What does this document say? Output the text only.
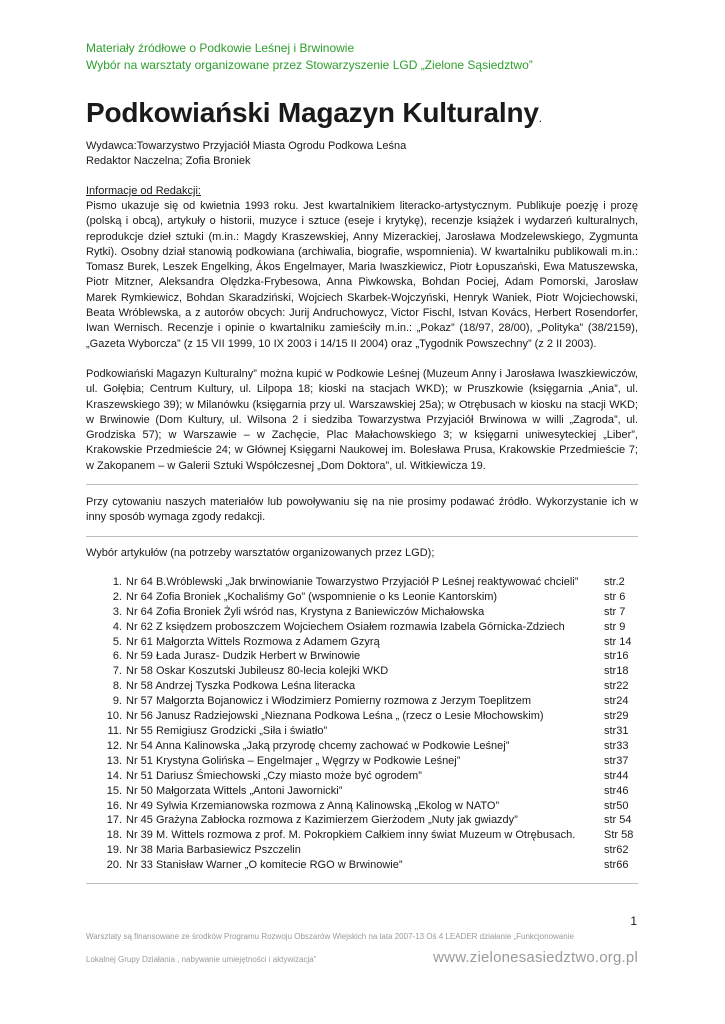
Materiały źródłowe o Podkowie Leśnej i Brwinowie
Wybór na warsztaty organizowane przez Stowarzyszenie LGD „Zielone Sąsiedztwo”
Podkowiański Magazyn Kulturalny.
Wydawca:Towarzystwo Przyjaciół Miasta Ogrodu Podkowa Leśna
Redaktor Naczelna; Zofia Broniek
Informacje od Redakcji:
Pismo ukazuje się od kwietnia 1993 roku. Jest kwartalnikiem literacko-artystycznym. Publikuje poezję i prozę (polską i obcą), artykuły o historii, muzyce i sztuce (eseje i krytykę), recenzje książek i wydarzeń kulturalnych, reprodukcje dzieł sztuki (m.in.: Magdy Kraszewskiej, Anny Mizerackiej, Jarosława Modzelewskiego, Zygmunta Rytki). Osobny dział stanowią podkowiana (archiwalia, biografie, wspomnienia). W kwartalniku publikowali m.in.: Tomasz Burek, Leszek Engelking, Ákos Engelmayer, Maria Iwaszkiewicz, Piotr Łopuszański, Ewa Matuszewska, Piotr Mitzner, Aleksandra Olędzka-Frybesowa, Anna Piwkowska, Bohdan Pociej, Adam Pomorski, Jarosław Marek Rymkiewicz, Bohdan Skaradziński, Wojciech Skarbek-Wojczyński, Henryk Waniek, Piotr Wojciechowski, Beata Wróblewska, a z autorów obcych: Jurij Andruchowycz, Victor Fischl, Istvan Kovács, Herbert Rosendorfer, Iwan Wernisch. Recenzje i opinie o kwartalniku zamieściły m.in.: „Pokaz” (18/97, 28/00), „Polityka” (38/2159), „Gazeta Wyborcza” (z 15 VII 1999, 10 IX 2003 i 14/15 II 2004) oraz „Tygodnik Powszechny” (z 2 II 2003).
Podkowiański Magazyn Kulturalny” można kupić w Podkowie Leśnej (Muzeum Anny i Jarosława Iwaszkiewiczów, ul. Gołębia; Centrum Kultury, ul. Lilpopa 18; kioski na stacjach WKD); w Pruszkowie (księgarnia „Ania”, ul. Kraszewskiego 39); w Milanówku (księgarnia przy ul. Warszawskiej 25a); w Otrębusach w kiosku na stacji WKD; w Brwinowie (Dom Kultury, ul. Wilsona 2 i siedziba Towarzystwa Przyjaciół Brwinowa w willi „Zagroda”, ul. Grodziska 57); w Warszawie – w Zachęcie, Plac Małachowskiego 3; w księgarni uniwesyteckiej „Liber”, Krakowskie Przedmieście 24; w Głównej Księgarni Naukowej im. Bolesława Prusa, Krakowskie Przedmieście 7; w Zakopanem – w Galerii Sztuki Współczesnej „Dom Doktora”, ul. Witkiewicza 19.
Przy cytowaniu naszych materiałów lub powoływaniu się na nie prosimy podawać źródło. Wykorzystanie ich w inny sposób wymaga zgody redakcji.
Wybór artykułów (na potrzeby warsztatów organizowanych przez LGD);
1. Nr 64 B.Wróblewski „Jak brwinowianie Towarzystwo Przyjaciół P Leśnej reaktywować chcieli”	str.2
2. Nr 64 Zofia Broniek „Kochaliśmy Go” (wspomnienie o ks Leonie Kantorskim)	str 6
3. Nr 64 Zofia Broniek Żyli wśród nas, Krystyna z Baniewiczów Michałowska	str 7
4. Nr 62 Z księdzem proboszczem Wojciechem Osiałem rozmawia Izabela Górnicka-Zdziech	str 9
5. Nr 61 Małgorzta Wittels Rozmowa z Adamem Gzyrą	str 14
6. Nr 59 Łada Jurasz- Dudzik Herbert w Brwinowie	str16
7. Nr 58 Oskar Koszutski Jubileusz 80-lecia kolejki WKD	str18
8. Nr 58 Andrzej Tyszka Podkowa Leśna literacka	str22
9. Nr 57 Małgorzta Bojanowicz i Włodzimierz Pomierny rozmowa z Jerzym Toeplitzem	str24
10. Nr 56 Janusz Radziejowski „Nieznana Podkowa Leśna „ (rzecz o Lesie Młochowskim)	str29
11. Nr 55 Remigiusz Grodzicki „Siła i światło”	str31
12. Nr 54 Anna Kalinowska „Jaką przyrodę chcemy zachować w Podkowie Leśnej”	str33
13. Nr 51 Krystyna Golińska – Engelmajer „ Węgrzy w Podkowie Leśnej”	str37
14. Nr 51 Dariusz Śmiechowski „Czy miasto może być ogrodem”	str44
15. Nr 50 Małgorzata Wittels „Antoni Jawornicki”	str46
16. Nr 49 Sylwia Krzemianowska rozmowa z Anną Kalinowską „Ekolog w NATO”	str50
17. Nr 45 Grażyna Zabłocka rozmowa z Kazimierzem Gierżodem „Nuty jak gwiazdy”	str 54
18. Nr 39 M. Wittels rozmowa z prof. M. Pokropkiem Całkiem inny świat Muzeum w Otrębusach.	Str 58
19. Nr 38 Maria Barbasiewicz Pszczelin	str62
20. Nr 33 Stanisław Warner „O komitecie RGO w Brwinowie”	str66
1
Warsztaty są finansowane ze środków Programu Rozwoju Obszarów Wiejskich na lata 2007-13 Oś 4 LEADER działanie „Funkcjonowanie
Lokalnej Grupy Działania , nabywanie umiejętności i aktywizacja”	www.zielonesasiedztwo.org.pl
